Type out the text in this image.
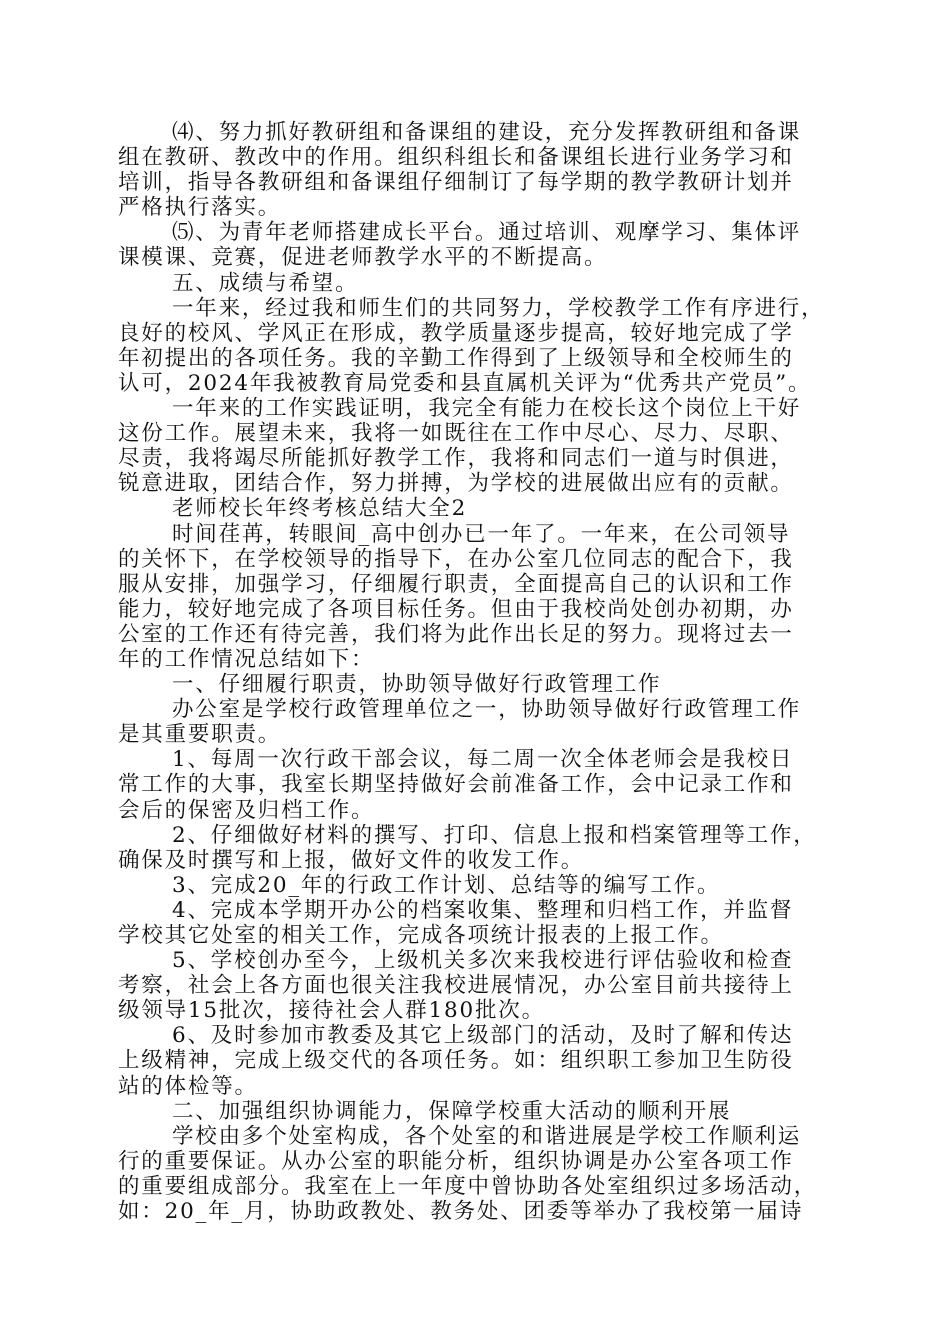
⑷、努力抓好教研组和备课组的建设，充分发挥教研组和备课
组在教研、教改中的作用。组织科组长和备课组长进行业务学习和
培训，指导各教研组和备课组仔细制订了每学期的教学教研计划并
严格执行落实。
⑸、为青年老师搭建成长平台。通过培训、观摩学习、集体评
课模课、竞赛，促进老师教学水平的不断提高。
五、成绩与希望。
一年来，经过我和师生们的共同努力，学校教学工作有序进行，
良好的校风、学风正在形成，教学质量逐步提高，较好地完成了学
年初提出的各项任务。我的辛勤工作得到了上级领导和全校师生的
认可，2024年我被教育局党委和县直属机关评为“优秀共产党员”。
一年来的工作实践证明，我完全有能力在校长这个岗位上干好
这份工作。展望未来，我将一如既往在工作中尽心、尽力、尽职、
尽责，我将竭尽所能抓好教学工作，我将和同志们一道与时俱进，
锐意进取，团结合作，努力拼搏，为学校的进展做出应有的贡献。
老师校长年终考核总结大全2
时间荏苒，转眼间_高中创办已一年了。一年来，在公司领导
的关怀下，在学校领导的指导下，在办公室几位同志的配合下，我
服从安排，加强学习，仔细履行职责，全面提高自己的认识和工作
能力，较好地完成了各项目标任务。但由于我校尚处创办初期，办
公室的工作还有待完善，我们将为此作出长足的努力。现将过去一
年的工作情况总结如下：
一、仔细履行职责，协助领导做好行政管理工作
办公室是学校行政管理单位之一，协助领导做好行政管理工作
是其重要职责。
1、每周一次行政干部会议，每二周一次全体老师会是我校日
常工作的大事，我室长期坚持做好会前准备工作，会中记录工作和
会后的保密及归档工作。
2、仔细做好材料的撰写、打印、信息上报和档案管理等工作，
确保及时撰写和上报，做好文件的收发工作。
3、完成20_年的行政工作计划、总结等的编写工作。
4、完成本学期开办公的档案收集、整理和归档工作，并监督
学校其它处室的相关工作，完成各项统计报表的上报工作。
5、学校创办至今，上级机关多次来我校进行评估验收和检查
考察，社会上各方面也很关注我校进展情况，办公室目前共接待上
级领导15批次，接待社会人群180批次。
6、及时参加市教委及其它上级部门的活动，及时了解和传达
上级精神，完成上级交代的各项任务。如：组织职工参加卫生防役
站的体检等。
二、加强组织协调能力，保障学校重大活动的顺利开展
学校由多个处室构成，各个处室的和谐进展是学校工作顺利运
行的重要保证。从办公室的职能分析，组织协调是办公室各项工作
的重要组成部分。我室在上一年度中曾协助各处室组织过多场活动，
如：20_年_月，协助政教处、教务处、团委等举办了我校第一届诗
